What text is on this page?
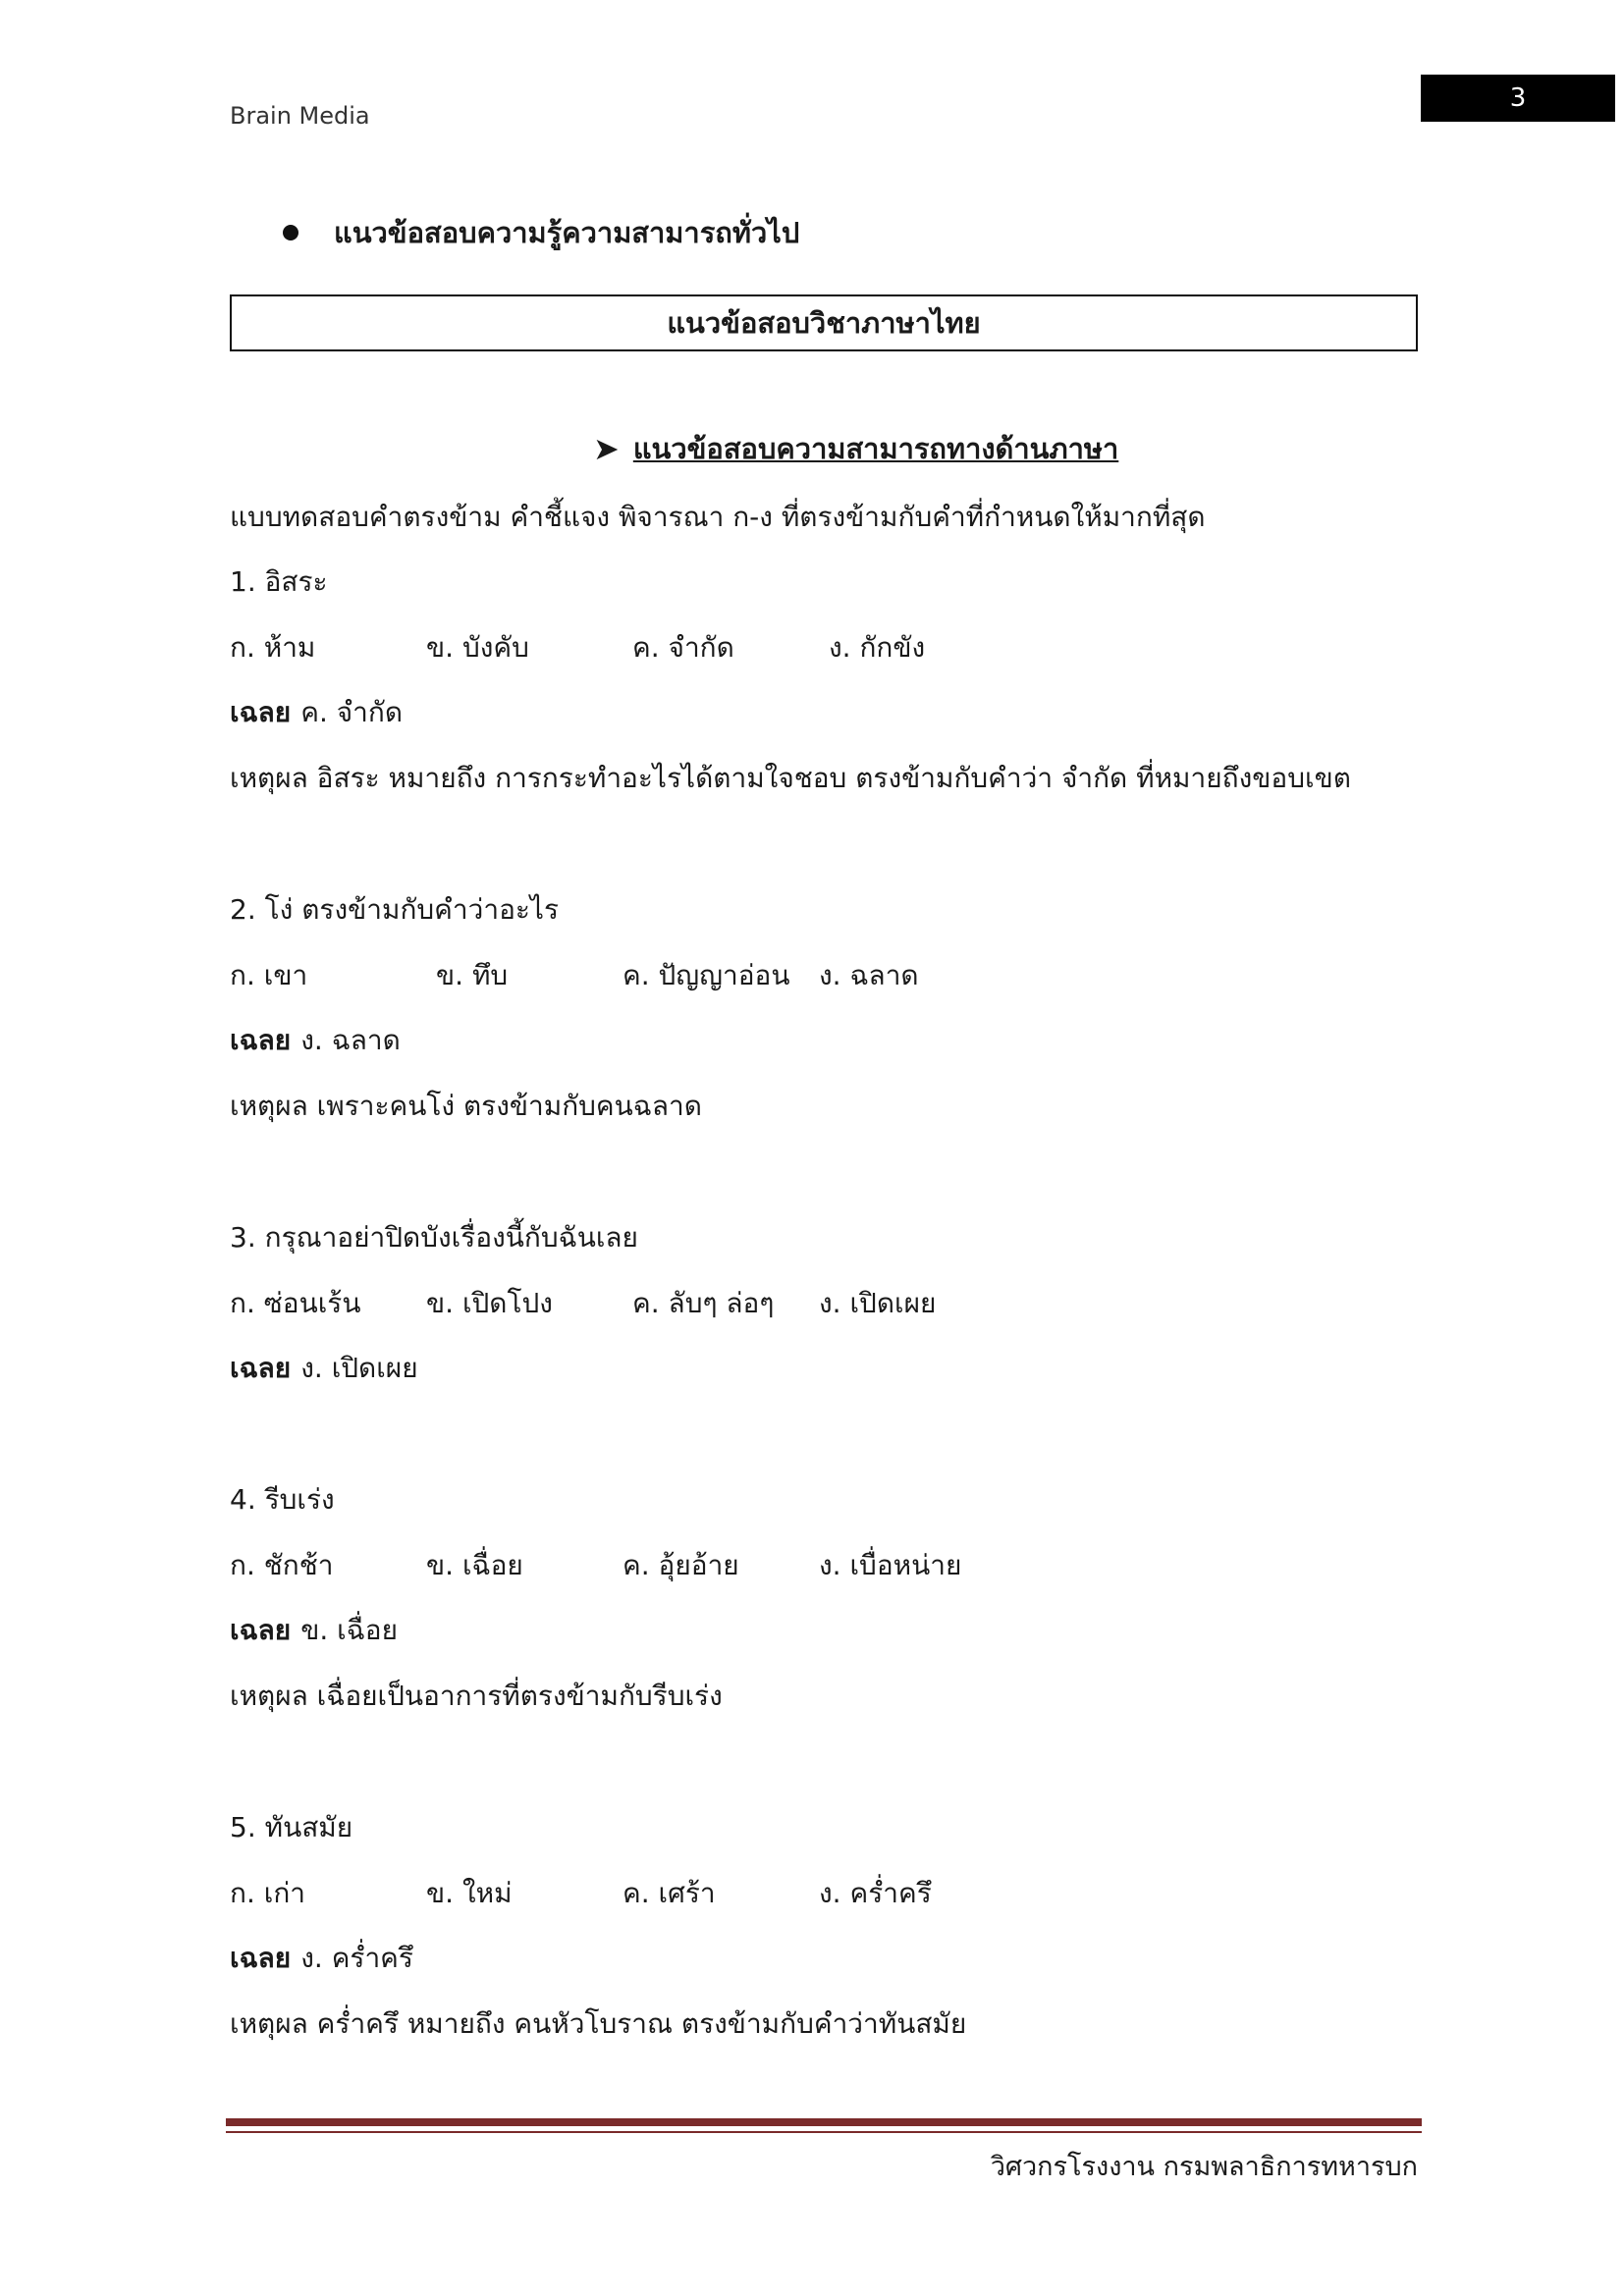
Brain Media
3
แนวข้อสอบความรู้ความสามารถทั่วไป
แนวข้อสอบวิชาภาษาไทย
➤ แนวข้อสอบความสามารถทางด้านภาษา
แบบทดสอบคำตรงข้าม คำชี้แจง พิจารณา ก-ง ที่ตรงข้ามกับคำที่กำหนดให้มากที่สุด
1. อิสระ
ก. ห้าม	ข. บังคับ	ค. จำกัด	ง. กักขัง
เฉลย ค. จำกัด
เหตุผล อิสระ หมายถึง การกระทำอะไรได้ตามใจชอบ ตรงข้ามกับคำว่า จำกัด ที่หมายถึงขอบเขต
2. โง่ ตรงข้ามกับคำว่าอะไร
ก. เขา	ข. ทึบ	ค. ปัญญาอ่อน ง. ฉลาด
เฉลย ง. ฉลาด
เหตุผล เพราะคนโง่ ตรงข้ามกับคนฉลาด
3. กรุณาอย่าปิดบังเรื่องนี้กับฉันเลย
ก. ซ่อนเร้น ข. เปิดโปง	ค. ลับๆ ล่อๆ ง. เปิดเผย
เฉลย ง. เปิดเผย
4. รีบเร่ง
ก. ชักช้า	ข. เฉื่อย	ค. อุ้ยอ้าย	ง. เบื่อหน่าย
เฉลย ข. เฉื่อย
เหตุผล เฉื่อยเป็นอาการที่ตรงข้ามกับรีบเร่ง
5. ทันสมัย
ก. เก่า	ข. ใหม่	ค. เศร้า	ง. คร่ำครึ
เฉลย ง. คร่ำครึ
เหตุผล คร่ำครึ หมายถึง คนหัวโบราณ ตรงข้ามกับคำว่าทันสมัย
วิศวกรโรงงาน กรมพลาธิการทหารบก
